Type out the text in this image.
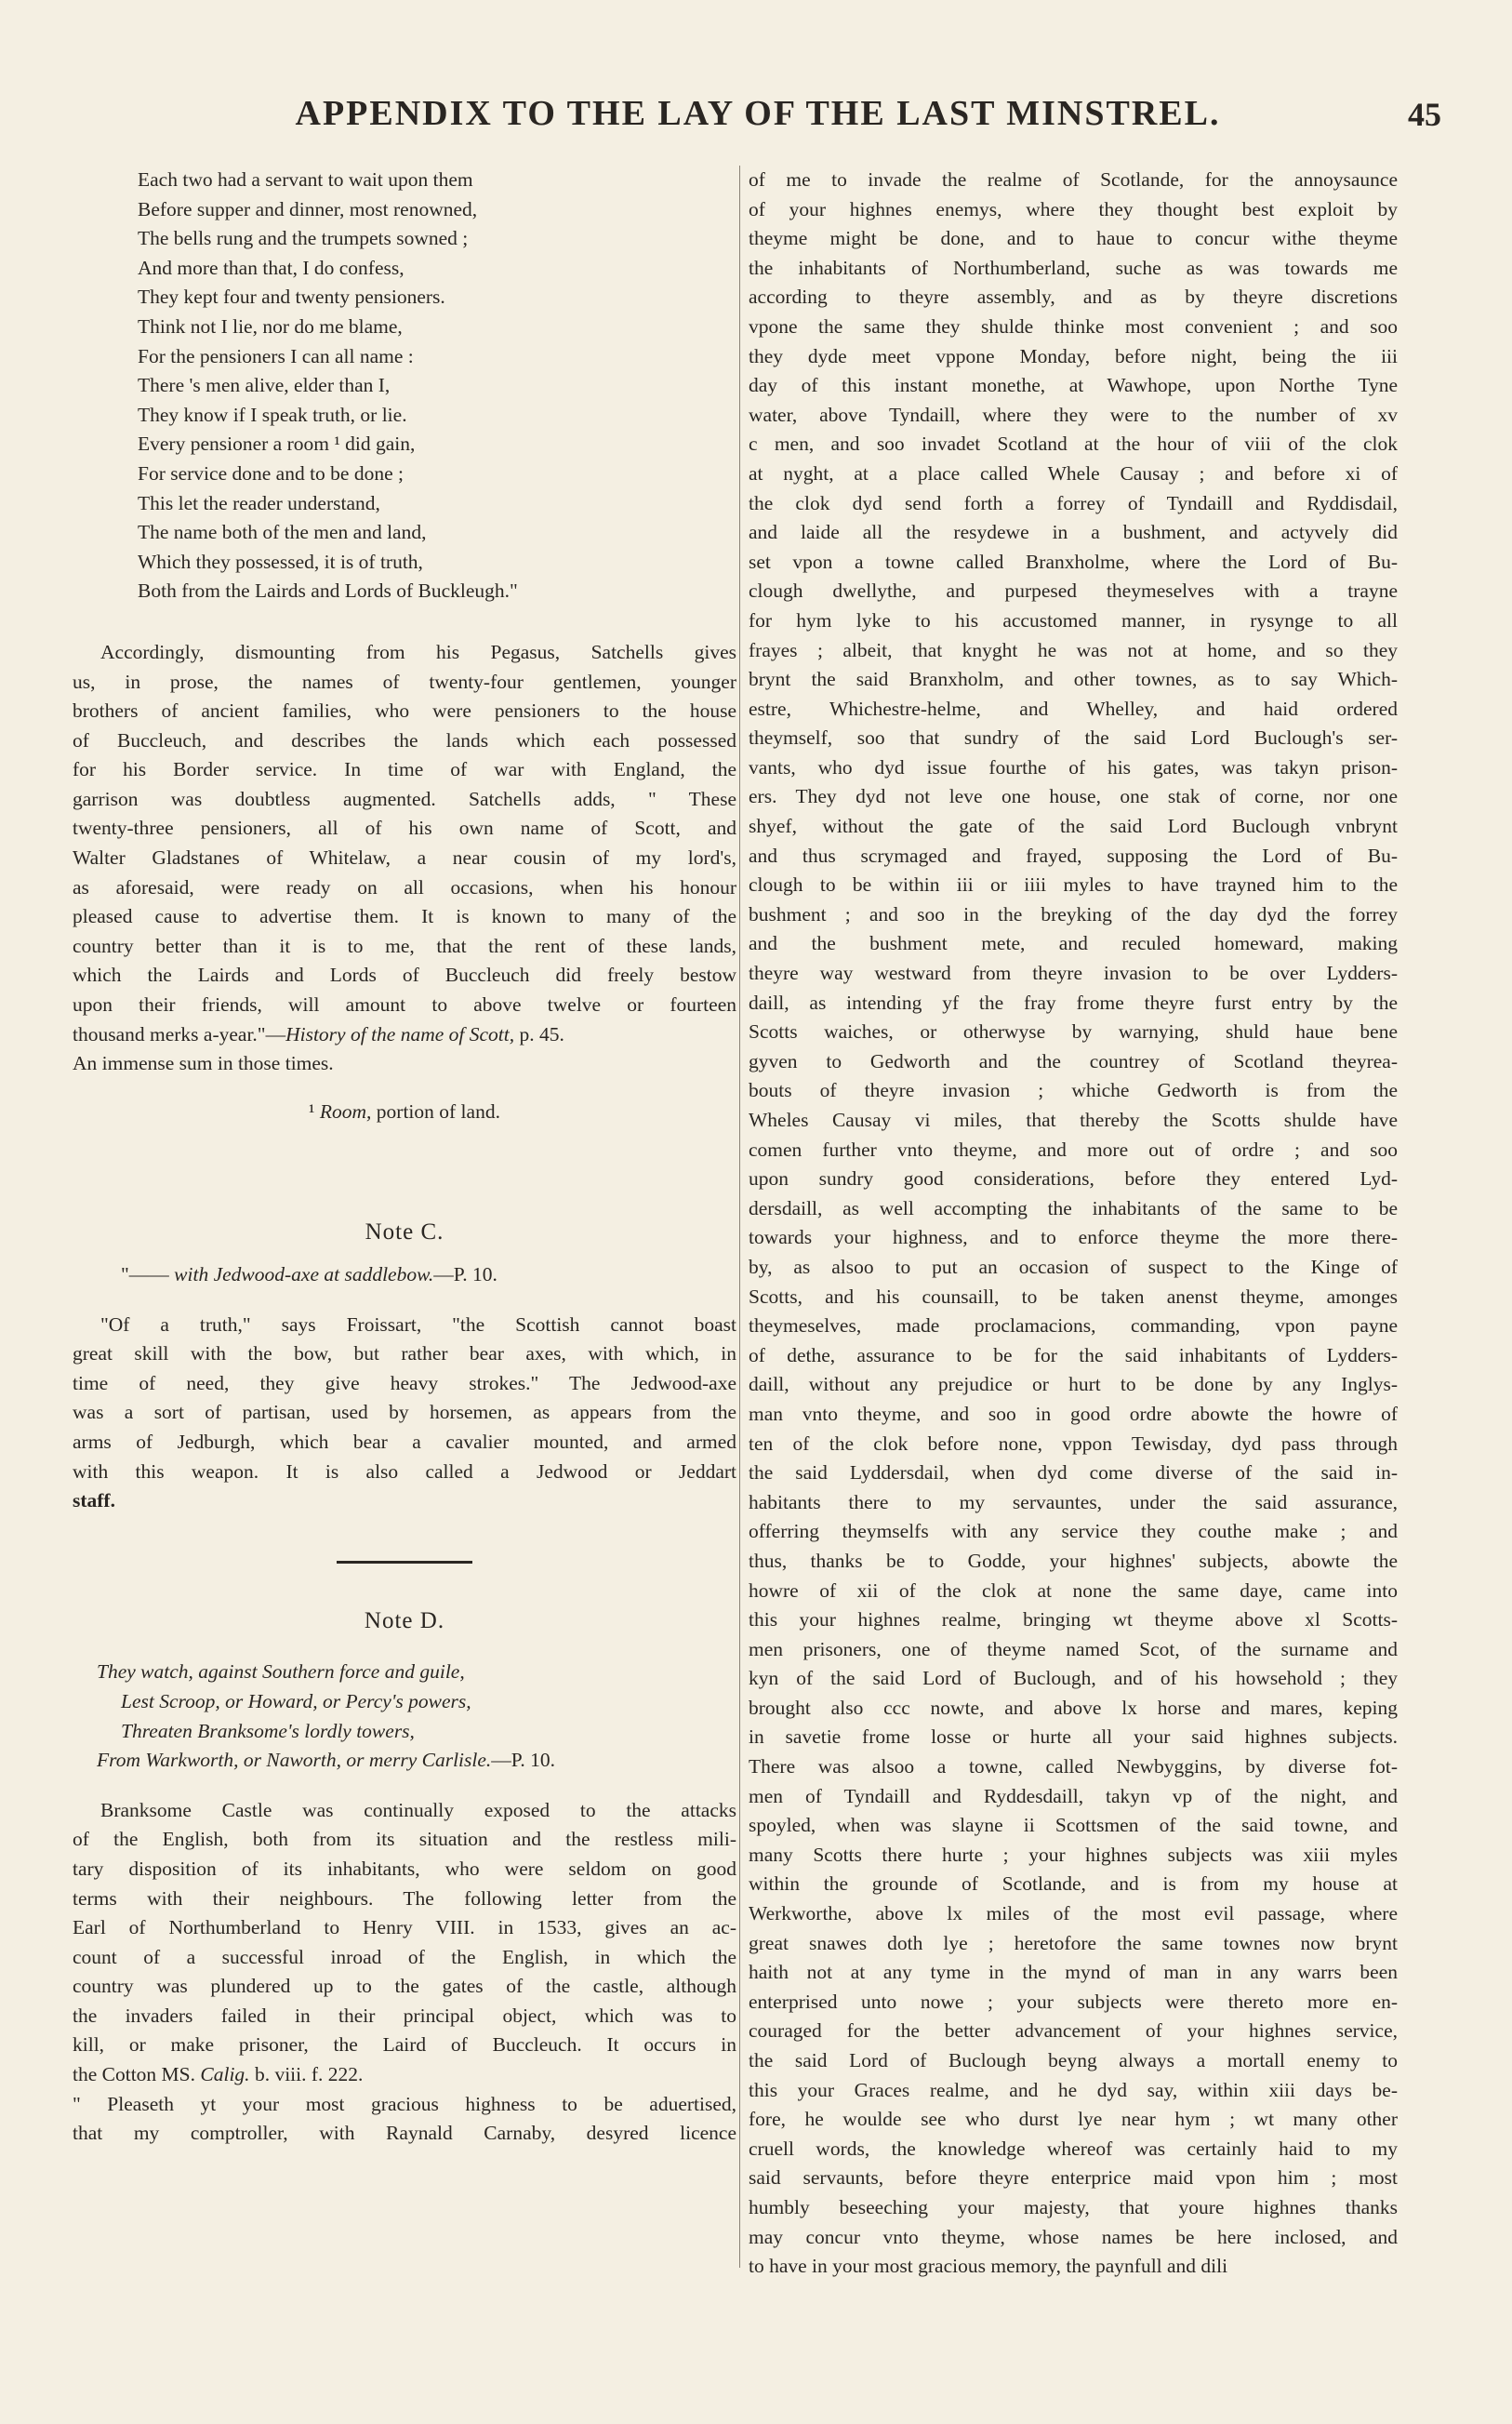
APPENDIX TO THE LAY OF THE LAST MINSTREL.	45
Each two had a servant to wait upon them
Before supper and dinner, most renowned,
The bells rung and the trumpets sowned ;
And more than that, I do confess,
They kept four and twenty pensioners.
Think not I lie, nor do me blame,
For the pensioners I can all name :
There 's men alive, elder than I,
They know if I speak truth, or lie.
Every pensioner a room ¹ did gain,
For service done and to be done ;
This let the reader understand,
The name both of the men and land,
Which they possessed, it is of truth,
Both from the Lairds and Lords of Buckleugh."
Accordingly, dismounting from his Pegasus, Satchells gives
us, in prose, the names of twenty-four gentlemen, younger
brothers of ancient families, who were pensioners to the house
of Buccleuch, and describes the lands which each possessed
for his Border service. In time of war with England, the
garrison was doubtless augmented. Satchells adds, " These
twenty-three pensioners, all of his own name of Scott, and
Walter Gladstanes of Whitelaw, a near cousin of my lord's,
as aforesaid, were ready on all occasions, when his honour
pleased cause to advertise them. It is known to many of the
country better than it is to me, that the rent of these lands,
which the Lairds and Lords of Buccleuch did freely bestow
upon their friends, will amount to above twelve or fourteen
thousand merks a-year."—History of the name of Scott, p. 45.
An immense sum in those times.

¹ Room, portion of land.

Note C.

"—— with Jedwood-axe at saddlebow.—P. 10.

"Of a truth," says Froissart, "the Scottish cannot boast
great skill with the bow, but rather bear axes, with which, in
time of need, they give heavy strokes." The Jedwood-axe
was a sort of partisan, used by horsemen, as appears from the
arms of Jedburgh, which bear a cavalier mounted, and armed
with this weapon. It is also called a Jedwood or Jeddart
staff.

Note D.

They watch, against Southern force and guile,
Lest Scroop, or Howard, or Percy's powers,
Threaten Branksome's lordly towers,
From Warkworth, or Naworth, or merry Carlisle.—P. 10.
Branksome Castle was continually exposed to the attacks
of the English, both from its situation and the restless mili-
tary disposition of its inhabitants, who were seldom on good
terms with their neighbours. The following letter from the
Earl of Northumberland to Henry VIII. in 1533, gives an ac-
count of a successful inroad of the English, in which the
country was plundered up to the gates of the castle, although
the invaders failed in their principal object, which was to
kill, or make prisoner, the Laird of Buccleuch. It occurs in
the Cotton MS. Calig. b. viii. f. 222.
" Pleaseth yt your most gracious highness to be aduertised,
that my comptroller, with Raynald Carnaby, desyred licence
of me to invade the realme of Scotlande, for the annoysaunce
of your highnes enemys, where they thought best exploit by
theyme might be done, and to haue to concur withe theyme
the inhabitants of Northumberland, suche as was towards me
according to theyre assembly, and as by theyre discretions
vpone the same they shulde thinke most convenient ; and soo
they dyde meet vppone Monday, before night, being the iii
day of this instant monethe, at Wawhope, upon Northe Tyne
water, above Tyndaill, where they were to the number of xv
c men, and soo invadet Scotland at the hour of viii of the clok
at nyght, at a place called Whele Causay ; and before xi of
the clok dyd send forth a forrey of Tyndaill and Ryddisdail,
and laide all the resydewe in a bushment, and actyvely did
set vpon a towne called Branxholme, where the Lord of Bu-
clough dwellythe, and purpesed theymeselves with a trayne
for hym lyke to his accustomed manner, in rysynge to all
frayes ; albeit, that knyght he was not at home, and so they
brynt the said Branxholm, and other townes, as to say Which-
estre, Whichestre-helme, and Whelley, and haid ordered
theymself, soo that sundry of the said Lord Buclough's ser-
vants, who dyd issue fourthe of his gates, was takyn prison-
ers. They dyd not leve one house, one stak of corne, nor one
shyef, without the gate of the said Lord Buclough vnbrynt
and thus scrymaged and frayed, supposing the Lord of Bu-
clough to be within iii or iiii myles to have trayned him to the
bushment ; and soo in the breyking of the day dyd the forrey
and the bushment mete, and reculed homeward, making
theyre way westward from theyre invasion to be over Lydders-
daill, as intending yf the fray frome theyre furst entry by the
Scotts waiches, or otherwyse by warnying, shuld haue bene
gyven to Gedworth and the countrey of Scotland theyrea-
bouts of theyre invasion ; whiche Gedworth is from the
Wheles Causay vi miles, that thereby the Scotts shulde have
comen further vnto theyme, and more out of ordre ; and soo
upon sundry good considerations, before they entered Lyd-
dersdaill, as well accompting the inhabitants of the same to be
towards your highness, and to enforce theyme the more there-
by, as alsoo to put an occasion of suspect to the Kinge of
Scotts, and his counsaill, to be taken anenst theyme, amonges
theymeselves, made proclamacions, commanding, vpon payne
of dethe, assurance to be for the said inhabitants of Lydders-
daill, without any prejudice or hurt to be done by any Inglys-
man vnto theyme, and soo in good ordre abowte the howre of
ten of the clok before none, vppon Tewisday, dyd pass through
the said Lyddersdail, when dyd come diverse of the said in-
habitants there to my servauntes, under the said assurance,
offerring theymselfs with any service they couthe make ; and
thus, thanks be to Godde, your highnes' subjects, abowte the
howre of xii of the clok at none the same daye, came into
this your highnes realme, bringing wt theyme above xl Scotts-
men prisoners, one of theyme named Scot, of the surname and
kyn of the said Lord of Buclough, and of his howsehold ; they
brought also ccc nowte, and above lx horse and mares, keping
in savetie frome losse or hurte all your said highnes subjects.
There was alsoo a towne, called Newbyggins, by diverse fot-
men of Tyndaill and Ryddesdaill, takyn vp of the night, and
spoyled, when was slayne ii Scottsmen of the said towne, and
many Scotts there hurte ; your highnes subjects was xiii myles
within the grounde of Scotlande, and is from my house at
Werkworthe, above lx miles of the most evil passage, where
great snawes doth lye ; heretofore the same townes now brynt
haith not at any tyme in the mynd of man in any warrs been
enterprised unto nowe ; your subjects were thereto more en-
couraged for the better advancement of your highnes service,
the said Lord of Buclough beyng always a mortall enemy to
this your Graces realme, and he dyd say, within xiii days be-
fore, he woulde see who durst lye near hym ; wt many other
cruell words, the knowledge whereof was certainly haid to my
said servaunts, before theyre enterprice maid vpon him ; most
humbly beseeching your majesty, that youre highnes thanks
may concur vnto theyme, whose names be here inclosed, and
to have in your most gracious memory, the paynfull and dili
